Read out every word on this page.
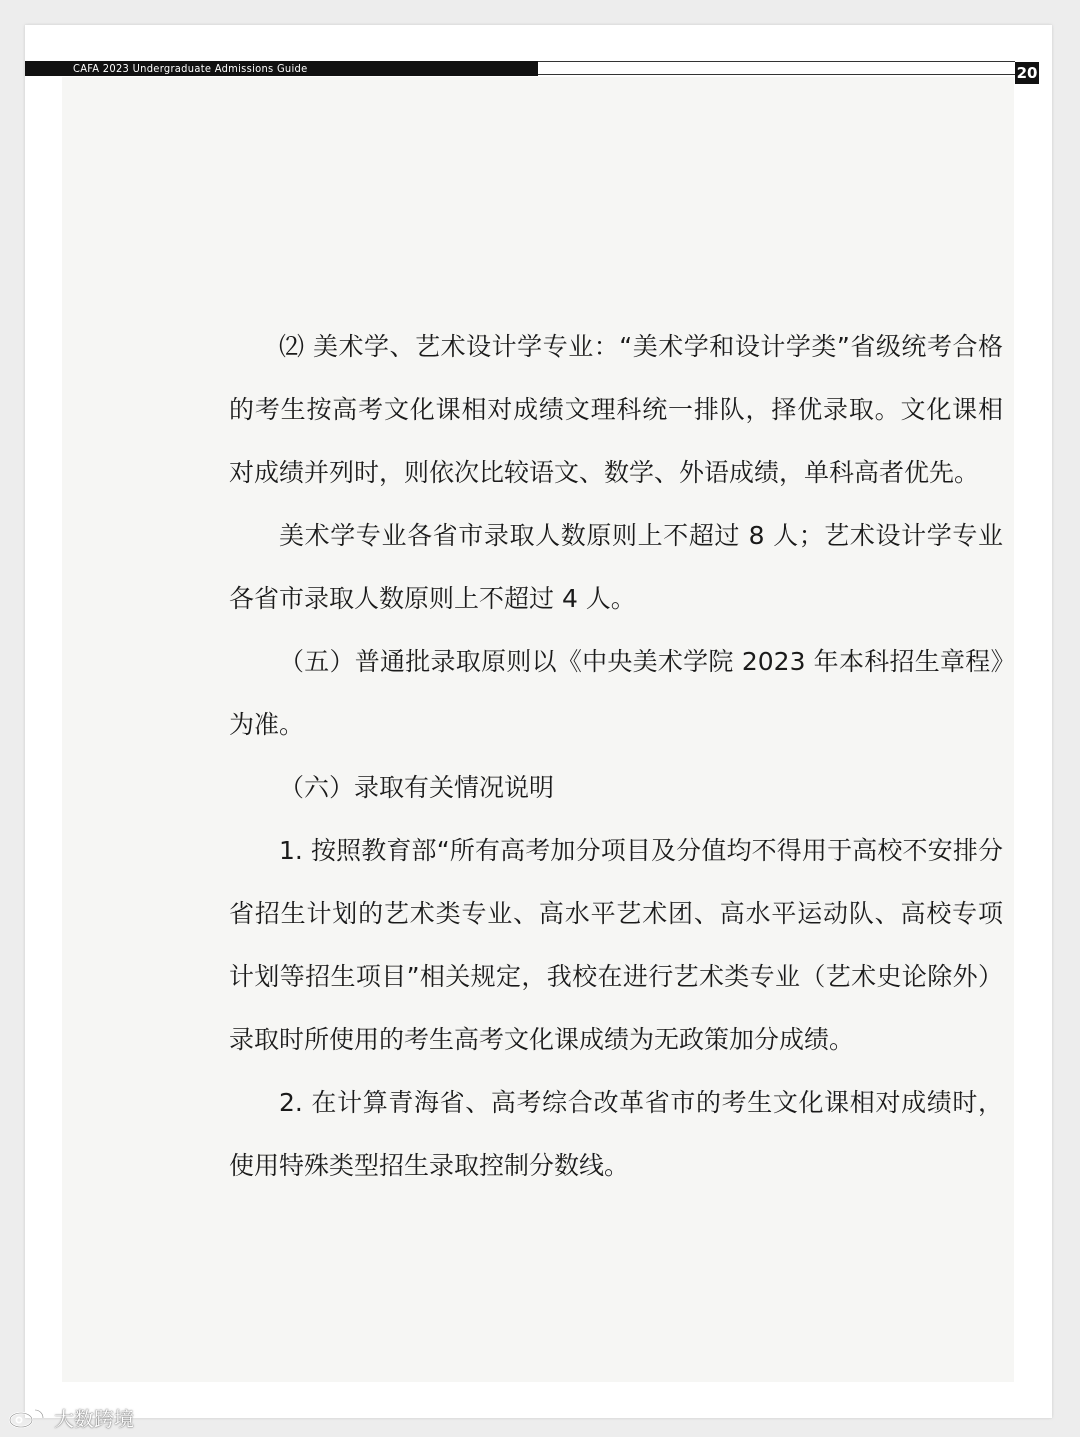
CAFA 2023 Undergraduate Admissions Guide	20

⑵ 美术学、艺术设计学专业：“美术学和设计学类”省级统考合格的考生按高考文化课相对成绩文理科统一排队，择优录取。文化课相对成绩并列时，则依次比较语文、数学、外语成绩，单科高者优先。

美术学专业各省市录取人数原则上不超过 8 人；艺术设计学专业各省市录取人数原则上不超过 4 人。

（五）普通批录取原则以《中央美术学院 2023 年本科招生章程》为准。

（六）录取有关情况说明

1. 按照教育部“所有高考加分项目及分值均不得用于高校不安排分省招生计划的艺术类专业、高水平艺术团、高水平运动队、高校专项计划等招生项目”相关规定，我校在进行艺术类专业（艺术史论除外）录取时所使用的考生高考文化课成绩为无政策加分成绩。

2. 在计算青海省、高考综合改革省市的考生文化课相对成绩时，使用特殊类型招生录取控制分数线。

大数跨境
